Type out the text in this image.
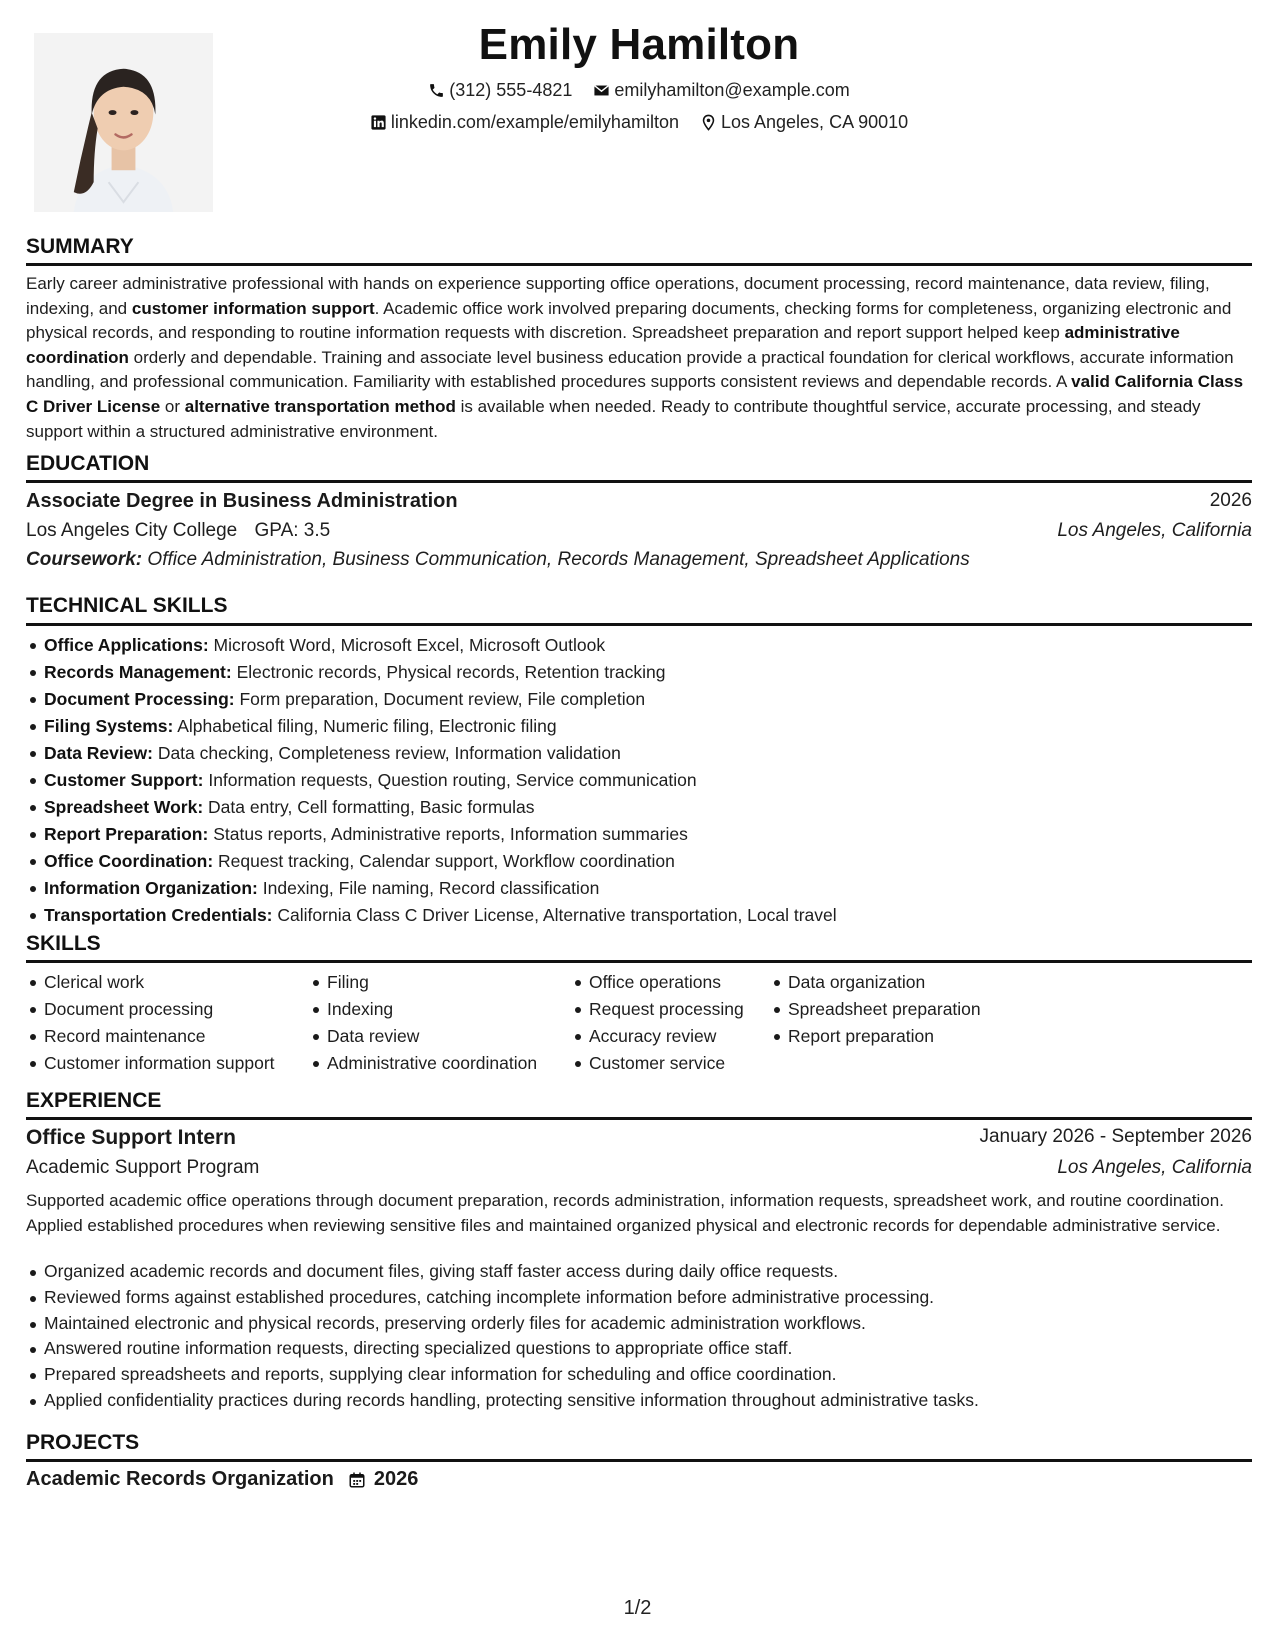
Emily Hamilton
(312) 555-4821
emilyhamilton@example.com
linkedin.com/example/emilyhamilton
Los Angeles, CA 90010
SUMMARY
Early career administrative professional with hands on experience supporting office operations, document processing, record maintenance, data review, filing, indexing, and customer information support. Academic office work involved preparing documents, checking forms for completeness, organizing electronic and physical records, and responding to routine information requests with discretion. Spreadsheet preparation and report support helped keep administrative coordination orderly and dependable. Training and associate level business education provide a practical foundation for clerical workflows, accurate information handling, and professional communication. Familiarity with established procedures supports consistent reviews and dependable records. A valid California Class C Driver License or alternative transportation method is available when needed. Ready to contribute thoughtful service, accurate processing, and steady support within a structured administrative environment.
EDUCATION
Associate Degree in Business Administration	2026
Los Angeles City College GPA: 3.5	Los Angeles, California
Coursework: Office Administration, Business Communication, Records Management, Spreadsheet Applications
TECHNICAL SKILLS
Office Applications: Microsoft Word, Microsoft Excel, Microsoft Outlook
Records Management: Electronic records, Physical records, Retention tracking
Document Processing: Form preparation, Document review, File completion
Filing Systems: Alphabetical filing, Numeric filing, Electronic filing
Data Review: Data checking, Completeness review, Information validation
Customer Support: Information requests, Question routing, Service communication
Spreadsheet Work: Data entry, Cell formatting, Basic formulas
Report Preparation: Status reports, Administrative reports, Information summaries
Office Coordination: Request tracking, Calendar support, Workflow coordination
Information Organization: Indexing, File naming, Record classification
Transportation Credentials: California Class C Driver License, Alternative transportation, Local travel
SKILLS
Clerical work
Document processing
Record maintenance
Customer information support
Filing
Indexing
Data review
Administrative coordination
Office operations
Request processing
Accuracy review
Customer service
Data organization
Spreadsheet preparation
Report preparation
EXPERIENCE
Office Support Intern	January 2026 - September 2026
Academic Support Program	Los Angeles, California
Supported academic office operations through document preparation, records administration, information requests, spreadsheet work, and routine coordination. Applied established procedures when reviewing sensitive files and maintained organized physical and electronic records for dependable administrative service.
Organized academic records and document files, giving staff faster access during daily office requests.
Reviewed forms against established procedures, catching incomplete information before administrative processing.
Maintained electronic and physical records, preserving orderly files for academic administration workflows.
Answered routine information requests, directing specialized questions to appropriate office staff.
Prepared spreadsheets and reports, supplying clear information for scheduling and office coordination.
Applied confidentiality practices during records handling, protecting sensitive information throughout administrative tasks.
PROJECTS
Academic Records Organization 2026
1/2
